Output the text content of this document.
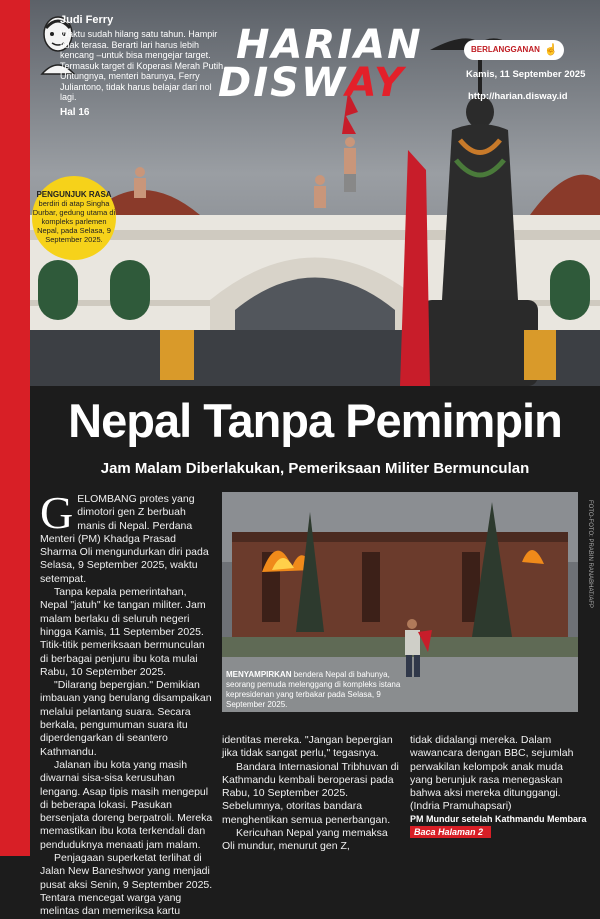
Judi Ferry
Waktu sudah hilang satu tahun. Hampir tidak terasa. Berarti lari harus lebih kencang –untuk bisa mengejar target. Termasuk target di Koperasi Merah Putih. Untungnya, menteri barunya, Ferry Juliantono, tidak harus belajar dari nol lagi.
Hal 16
HARIAN
DISWAY
BERLANGGANAN ☝
Kamis, 11 September 2025
http://harian.disway.id
PENGUNJUK RASA
berdiri di atap Singha Durbar, gedung utama di kompleks parlemen Nepal, pada Selasa, 9 September 2025.
Nepal Tanpa Pemimpin
Jam Malam Diberlakukan, Pemeriksaan Militer Bermunculan

GELOMBANG protes yang dimotori gen Z berbuah manis di Nepal. Perdana Menteri (PM) Khadga Prasad Sharma Oli mengundurkan diri pada Selasa, 9 September 2025, waktu setempat.

Tanpa kepala pemerintahan, Nepal "jatuh" ke tangan militer. Jam malam berlaku di seluruh negeri hingga Kamis, 11 September 2025. Titik-titik pemeriksaan bermunculan di berbagai penjuru ibu kota mulai Rabu, 10 September 2025.

"Dilarang bepergian." Demikian imbauan yang berulang disampaikan melalui pelantang suara. Secara berkala, pengumuman suara itu diperdengarkan di seantero Kathmandu.

Jalanan ibu kota yang masih diwarnai sisa-sisa kerusuhan lengang. Asap tipis masih mengepul di beberapa lokasi. Pasukan bersenjata doreng berpatroli. Mereka memastikan ibu kota terkendali dan penduduknya menaati jam malam.

Penjagaan superketat terlihat di Jalan New Baneshwor yang menjadi pusat aksi Senin, 9 September 2025. Tentara mencegat warga yang melintas dan memeriksa kartu

FOTO-FOTO: PRABIN RANABHAT/AFP
MENYAMPIRKAN bendera Nepal di bahunya, seorang pemuda melenggang di kompleks istana kepresidenan yang terbakar pada Selasa, 9 September 2025.

identitas mereka. "Jangan bepergian jika tidak sangat perlu," tegasnya.

Bandara Internasional Tribhuvan di Kathmandu kembali beroperasi pada Rabu, 10 September 2025. Sebelumnya, otoritas bandara menghentikan semua penerbangan.

Kericuhan Nepal yang memaksa Oli mundur, menurut gen Z,

tidak didalangi mereka. Dalam wawancara dengan BBC, sejumlah perwakilan kelompok anak muda yang berunjuk rasa menegaskan bahwa aksi mereka ditunggangi. (Indria Pramuhapsari)

PM Mundur setelah Kathmandu Membara
Baca Halaman 2
